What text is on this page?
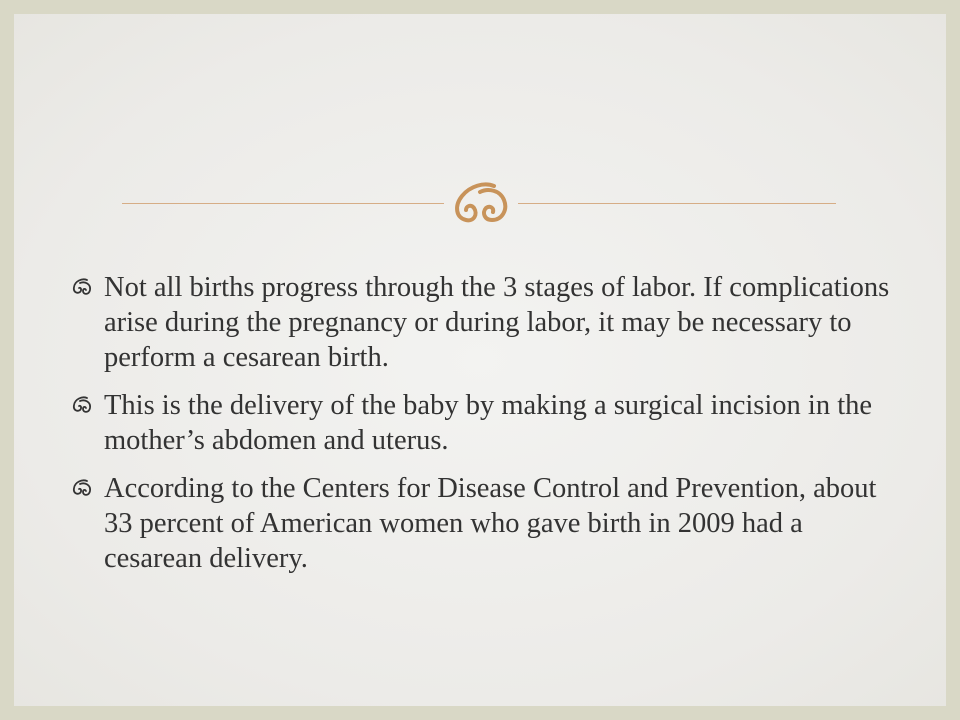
Not all births progress through the 3 stages of labor. If complications arise during the pregnancy or during labor, it may be necessary to perform a cesarean birth.
This is the delivery of the baby by making a surgical incision in the mother’s abdomen and uterus.
According to the Centers for Disease Control and Prevention, about 33 percent of American women who gave birth in 2009 had a cesarean delivery.
